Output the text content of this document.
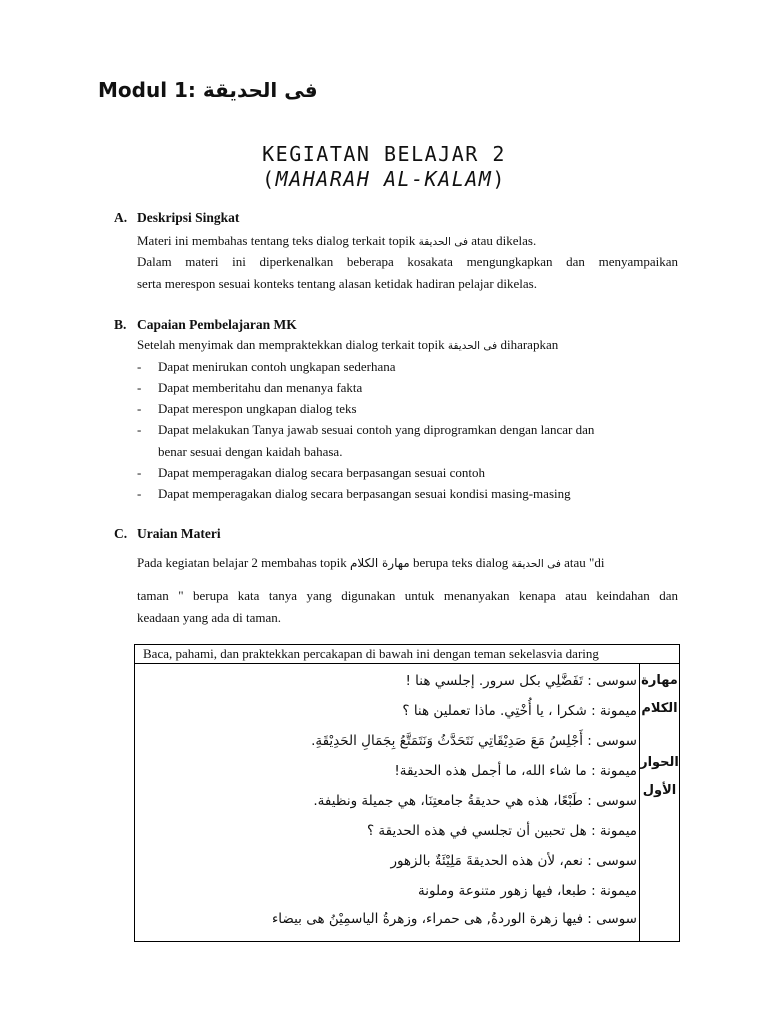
Modul 1: فى الحديقة
KEGIATAN BELAJAR 2
(MAHARAH AL-KALAM)
A. Deskripsi Singkat
Materi ini membahas tentang teks dialog terkait topik فى الحديقة atau dikelas.
Dalam materi ini diperkenalkan beberapa kosakata mengungkapkan dan menyampaikan
serta merespon sesuai konteks tentang alasan ketidak hadiran pelajar dikelas.
B. Capaian Pembelajaran MK
Setelah menyimak dan mempraktekkan dialog terkait topik فى الحديقة diharapkan
- Dapat menirukan contoh ungkapan sederhana
- Dapat memberitahu dan menanya fakta
- Dapat merespon ungkapan dialog teks
- Dapat melakukan Tanya jawab sesuai contoh yang diprogramkan dengan lancar dan
benar sesuai dengan kaidah bahasa.
- Dapat memperagakan dialog secara berpasangan sesuai contoh
- Dapat memperagakan dialog secara berpasangan sesuai kondisi masing-masing
C. Uraian Materi
Pada kegiatan belajar 2 membahas topik مهارة الكلام berupa teks dialog فى الحديقة atau "di
taman " berupa kata tanya yang digunakan untuk menanyakan kenapa atau keindahan dan
keadaan yang ada di taman.
Baca, pahami, dan praktekkan percakapan di bawah ini dengan teman sekelasvia daring
مهارة
الكلام
الحوار
الأول
سوسى : تَفَضَّلِي بكل سرور. إجلسي هنا !
ميمونة : شكرا ، يا أُخْتِي. ماذا تعملين هنا ؟
سوسى : أَجْلِسُ مَعَ صَدِيْقَاتِي نَتَحَدَّثُ وَنَتَمَتَّعُ بِجَمَالِ الحَدِيْقَةِ.
ميمونة : ما شاء الله، ما أجمل هذه الحديقة!
سوسى : طَبْعًا، هذه هي حديقةُ جامعتِنَا، هي جميلة ونظيفة.
ميمونة : هل تحبين أن تجلسي في هذه الحديقة ؟
سوسى : نعم، لأن هذه الحديقةَ مَلِيْئَةٌ بالزهور
ميمونة : طبعا، فيها زهور متنوعة وملونة
سوسى : فيها زهرة الوردةُ, هى حمراء، وزهرةُ الياسمِيْنُ هى بيضاء
